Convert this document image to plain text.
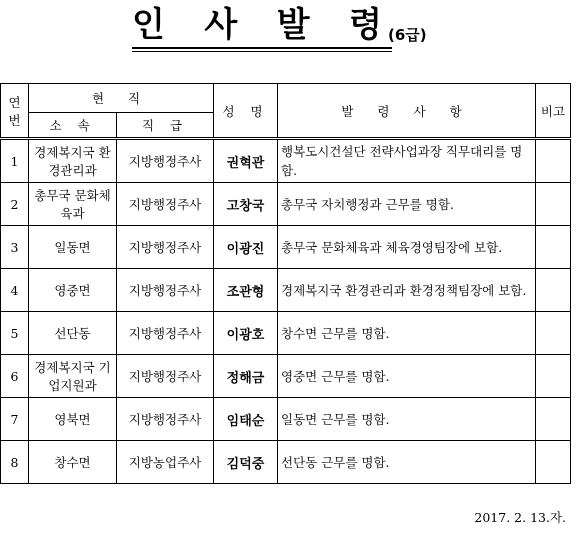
인 사 발 령 (6급)
연번	현 직		성 명	발 령 사 항	비고
	소 속	직 급			
1	경제복지국 환경관리과	지방행정주사	권혁관	행복도시건설단 전략사업과장 직무대리를 명함.	
2	총무국 문화체육과	지방행정주사	고창국	총무국 자치행정과 근무를 명함.	
3	일동면	지방행정주사	이광진	총무국 문화체육과 체육경영팀장에 보함.	
4	영중면	지방행정주사	조관형	경제복지국 환경관리과 환경정책팀장에 보함.	
5	선단동	지방행정주사	이광호	창수면 근무를 명함.	
6	경제복지국 기업지원과	지방행정주사	정해금	영중면 근무를 명함.	
7	영북면	지방행정주사	임태순	일동면 근무를 명함.	
8	창수면	지방농업주사	김덕중	선단동 근무를 명함.	
2017. 2. 13.자.
